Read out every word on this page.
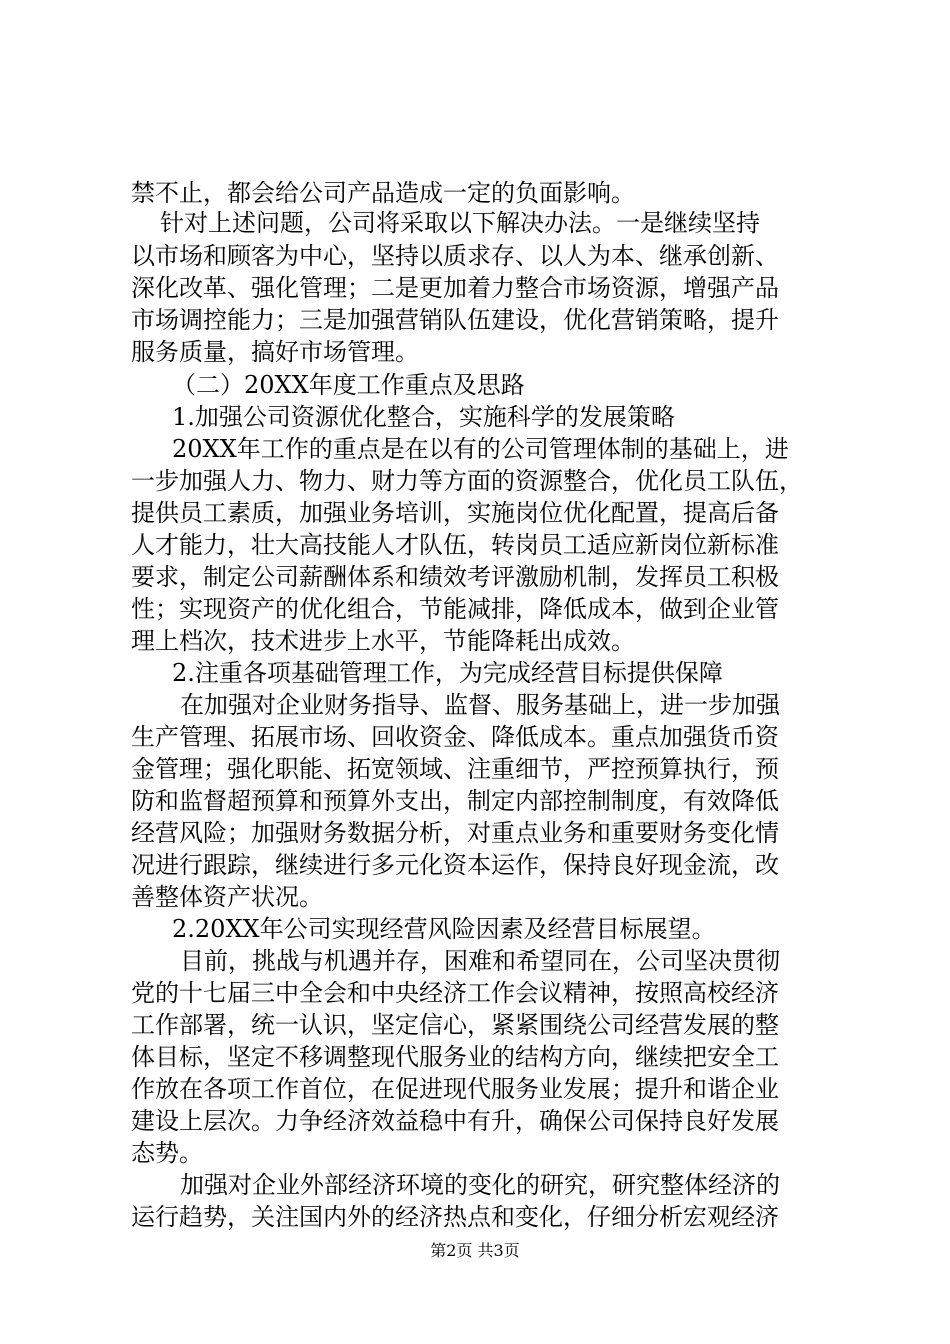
禁不止，都会给公司产品造成一定的负面影响。
针对上述问题，公司将采取以下解决办法。一是继续坚持
以市场和顾客为中心，坚持以质求存、以人为本、继承创新、
深化改革、强化管理；二是更加着力整合市场资源，增强产品
市场调控能力；三是加强营销队伍建设，优化营销策略，提升
服务质量，搞好市场管理。
（二）20XX年度工作重点及思路
1.加强公司资源优化整合，实施科学的发展策略
20XX年工作的重点是在以有的公司管理体制的基础上，进
一步加强人力、物力、财力等方面的资源整合，优化员工队伍，
提供员工素质，加强业务培训，实施岗位优化配置，提高后备
人才能力，壮大高技能人才队伍，转岗员工适应新岗位新标准
要求，制定公司薪酬体系和绩效考评激励机制，发挥员工积极
性；实现资产的优化组合，节能减排，降低成本，做到企业管
理上档次，技术进步上水平，节能降耗出成效。
2.注重各项基础管理工作，为完成经营目标提供保障
在加强对企业财务指导、监督、服务基础上，进一步加强
生产管理、拓展市场、回收资金、降低成本。重点加强货币资
金管理；强化职能、拓宽领域、注重细节，严控预算执行，预
防和监督超预算和预算外支出，制定内部控制制度，有效降低
经营风险；加强财务数据分析，对重点业务和重要财务变化情
况进行跟踪，继续进行多元化资本运作，保持良好现金流，改
善整体资产状况。
2.20XX年公司实现经营风险因素及经营目标展望。
目前，挑战与机遇并存，困难和希望同在，公司坚决贯彻
党的十七届三中全会和中央经济工作会议精神，按照高校经济
工作部署，统一认识，坚定信心，紧紧围绕公司经营发展的整
体目标，坚定不移调整现代服务业的结构方向，继续把安全工
作放在各项工作首位，在促进现代服务业发展；提升和谐企业
建设上层次。力争经济效益稳中有升，确保公司保持良好发展
态势。
加强对企业外部经济环境的变化的研究，研究整体经济的
运行趋势，关注国内外的经济热点和变化，仔细分析宏观经济
第2页 共3页
